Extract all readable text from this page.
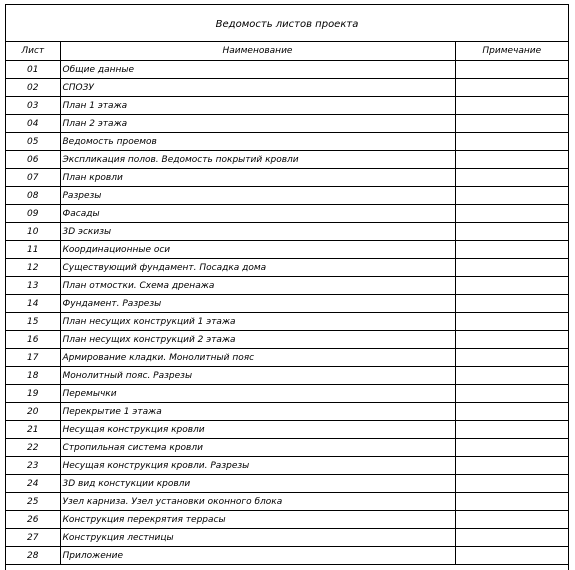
Ведомость листов проекта
Лист	Наименование	Примечание
01	Общие данные	
02	СПОЗУ	
03	План 1 этажа	
04	План 2 этажа	
05	Ведомость проемов	
06	Экспликация полов. Ведомость покрытий кровли	
07	План кровли	
08	Разрезы	
09	Фасады	
10	3D эскизы	
11	Координационные оси	
12	Существующий фундамент. Посадка дома	
13	План отмостки. Схема дренажа	
14	Фундамент. Разрезы	
15	План несущих конструкций 1 этажа	
16	План несущих конструкций 2 этажа	
17	Армирование кладки. Монолитный пояс	
18	Монолитный пояс. Разрезы	
19	Перемычки	
20	Перекрытие 1 этажа	
21	Несущая конструкция кровли	
22	Стропильная система кровли	
23	Несущая конструкция кровли. Разрезы	
24	3D вид констукции кровли	
25	Узел карниза. Узел установки оконного блока	
26	Конструкция перекрятия террасы	
27	Конструкция лестницы	
28	Приложение	
